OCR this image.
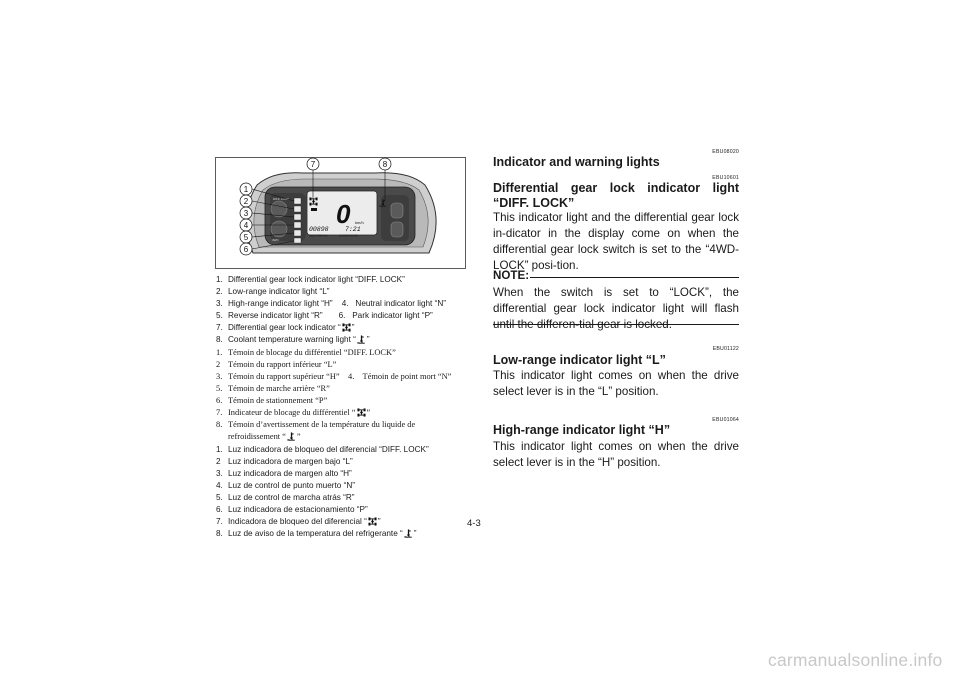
DIFF. LOCK
4WD
0 km/h
00898	7:21
ODO TRIP A B	CLOCK HOUR
1
2
3
4
5
6
7	8
1. Differential gear lock indicator light “DIFF. LOCK”
2. Low-range indicator light “L”
3. High-range indicator light “H”    4.   Neutral indicator light “N”
5. Reverse indicator light “R”       6.   Park indicator light “P”
7. Differential gear lock indicator “ ”
8. Coolant temperature warning light “ ”
1. Témoin de blocage du différentiel “DIFF. LOCK”
2 Témoin du rapport inférieur “L”
3. Témoin du rapport supérieur “H”    4.    Témoin de point mort “N”
5. Témoin de marche arrière “R”
6. Témoin de stationnement “P”
7. Indicateur de blocage du différentiel “ ”
8. Témoin d’avertissement de la température du liquide de
refroidissement “ ”
1. Luz indicadora de bloqueo del diferencial “DIFF. LOCK”
2 Luz indicadora de margen bajo “L”
3. Luz indicadora de margen alto “H”
4. Luz de control de punto muerto “N”
5. Luz de control de marcha atrás “R”
6. Luz indicadora de estacionamiento “P”
7. Indicadora de bloqueo del diferencial “ ”
8. Luz de aviso de la temperatura del refrigerante “ ”
4-3
EBU08020
Indicator and warning lights
EBU10601
Differential gear lock indicator light “DIFF. LOCK”
This indicator light and the differential gear lock in-dicator in the display come on when the differential gear lock switch is set to the “4WD-LOCK” posi-tion.
NOTE:
When the switch is set to “LOCK”, the differential gear lock indicator light will flash until the differen-tial gear is locked.
EBU01122
Low-range indicator light “L”
This indicator light comes on when the drive select lever is in the “L” position.
EBU01064
High-range indicator light “H”
This indicator light comes on when the drive select lever is in the “H” position.
carmanualsonline.info
